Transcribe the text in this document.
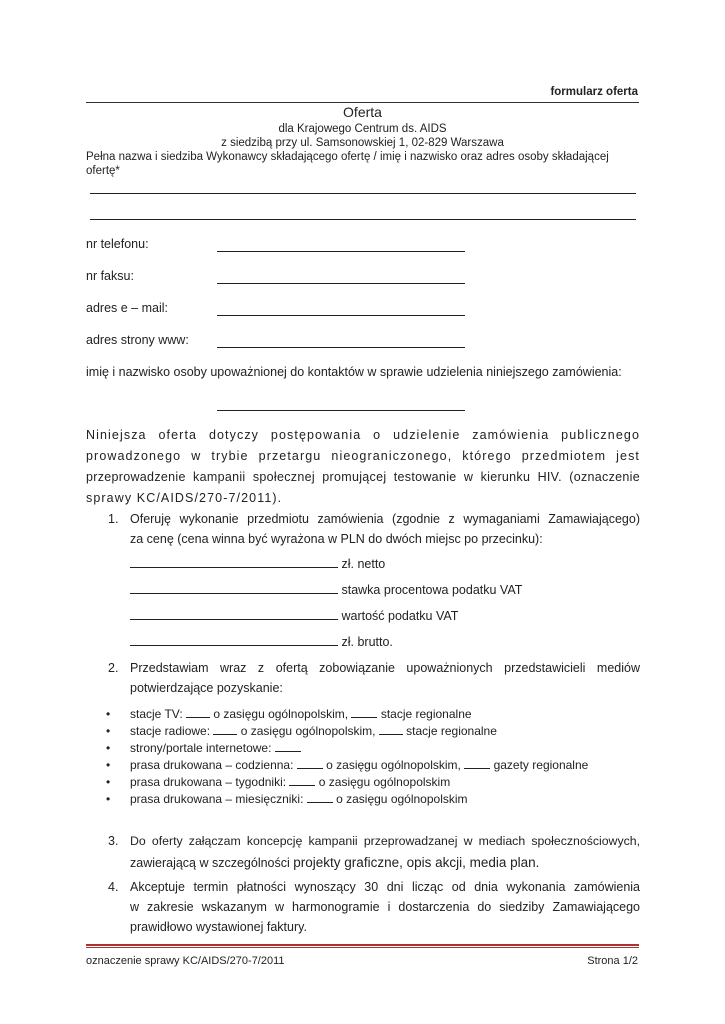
formularz oferta
Oferta
dla Krajowego Centrum ds. AIDS
z siedzibą przy ul. Samsonowskiej 1, 02-829 Warszawa
Pełna nazwa i siedziba Wykonawcy składającego ofertę / imię i nazwisko oraz adres osoby składającej
ofertę*
nr telefonu:
nr faksu:
adres e – mail:
adres strony www:
imię i nazwisko osoby upoważnionej do kontaktów w sprawie udzielenia niniejszego zamówienia:
Niniejsza oferta dotyczy postępowania o udzielenie zamówienia publicznego
prowadzonego w trybie przetargu nieograniczonego, którego przedmiotem jest
przeprowadzenie kampanii społecznej promującej testowanie w kierunku HIV. (oznaczenie
sprawy KC/AIDS/270-7/2011).
1. Oferuję wykonanie przedmiotu zamówienia (zgodnie z wymaganiami Zamawiającego)
za cenę (cena winna być wyrażona w PLN do dwóch miejsc po przecinku):
zł. netto
stawka procentowa podatku VAT
wartość podatku VAT
zł. brutto.
2. Przedstawiam wraz z ofertą zobowiązanie upoważnionych przedstawicieli mediów
potwierdzające pozyskanie:
• stacje TV:	o zasięgu ogólnopolskim,	stacje regionalne
• stacje radiowe:	o zasięgu ogólnopolskim,	stacje regionalne
• strony/portale internetowe:
• prasa drukowana – codzienna:	o zasięgu ogólnopolskim,	gazety regionalne
• prasa drukowana – tygodniki:	o zasięgu ogólnopolskim
• prasa drukowana – miesięczniki:	o zasięgu ogólnopolskim
3. Do oferty załączam koncepcję kampanii przeprowadzanej w mediach społecznościowych,
zawierającą w szczególności projekty graficzne, opis akcji, media plan.
4. Akceptuje termin płatności wynoszący 30 dni licząc od dnia wykonania zamówienia
w zakresie wskazanym w harmonogramie i dostarczenia do siedziby Zamawiającego
prawidłowo wystawionej faktury.
oznaczenie sprawy KC/AIDS/270-7/2011	Strona 1/2
